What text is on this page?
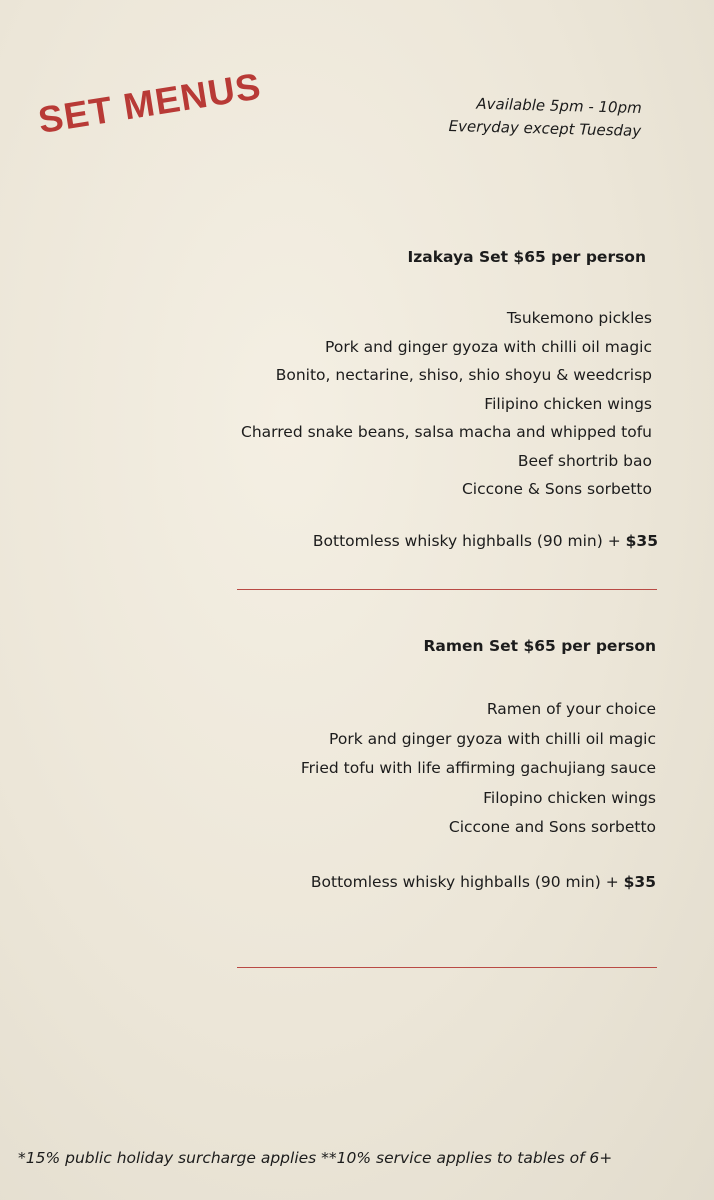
SET MENUS	Available 5pm - 10pm
Everyday except Tuesday
Izakaya Set $65 per person
Tsukemono pickles
Pork and ginger gyoza with chilli oil magic
Bonito, nectarine, shiso, shio shoyu & weedcrisp
Filipino chicken wings
Charred snake beans, salsa macha and whipped tofu
Beef shortrib bao
Ciccone & Sons sorbetto
Bottomless whisky highballs (90 min) + $35
Ramen Set $65 per person
Ramen of your choice
Pork and ginger gyoza with chilli oil magic
Fried tofu with life affirming gachujiang sauce
Filopino chicken wings
Ciccone and Sons sorbetto
Bottomless whisky highballs (90 min) + $35
*15% public holiday surcharge applies **10% service applies to tables of 6+
